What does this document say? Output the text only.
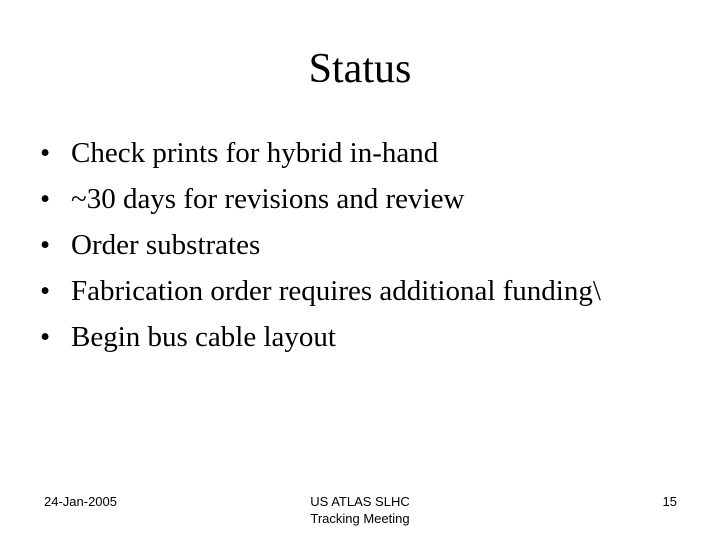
Status
• Check prints for hybrid in-hand
• ~30 days for revisions and review
• Order substrates
• Fabrication order requires additional funding\
• Begin bus cable layout
24-Jan-2005	US ATLAS SLHC
Tracking Meeting
15
